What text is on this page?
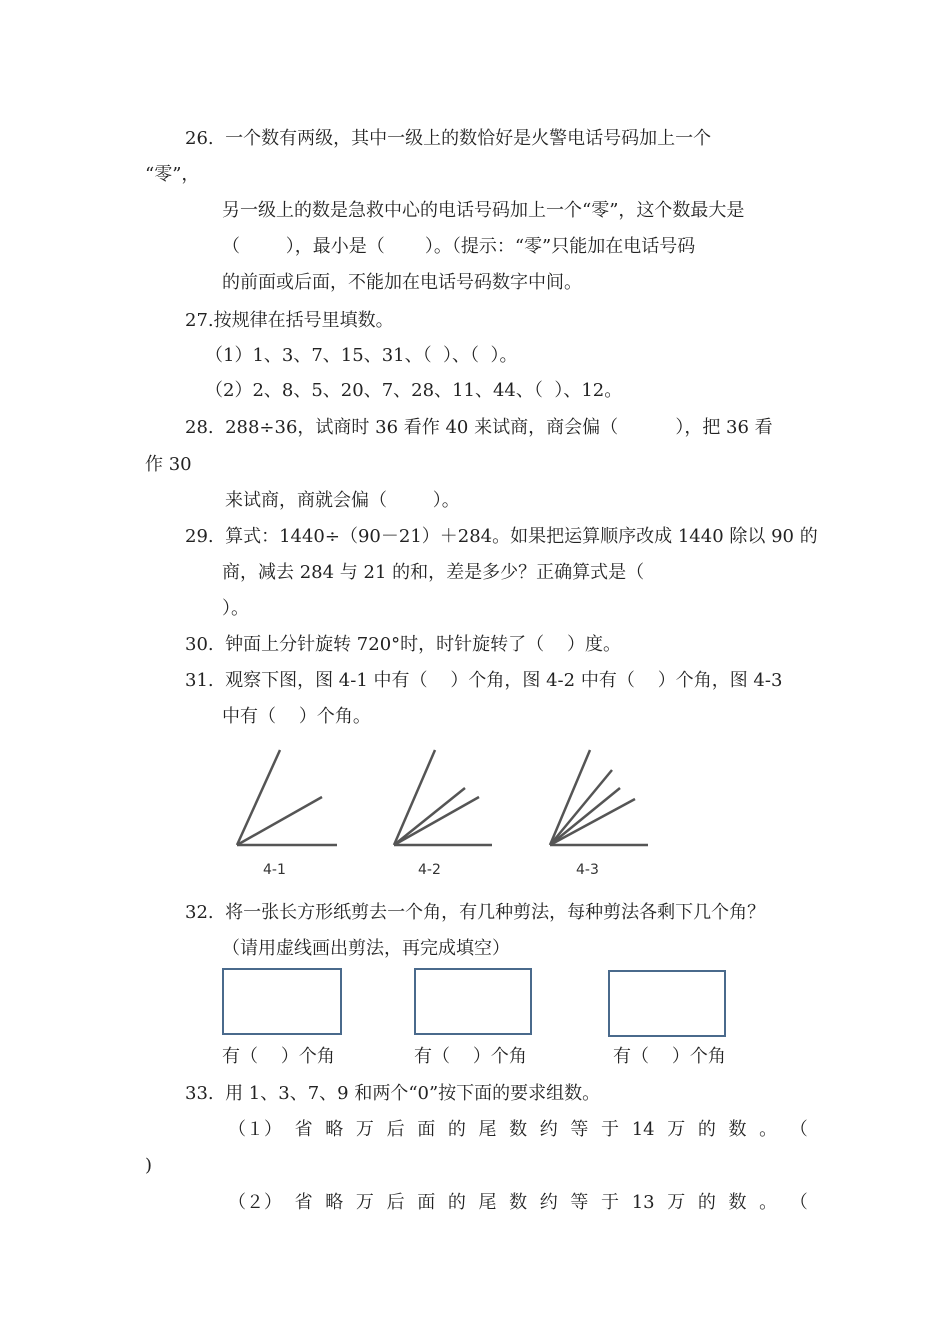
26.  一个数有两级，其中一级上的数恰好是火警电话号码加上一个
“零”，
另一级上的数是急救中心的电话号码加上一个“零”，这个数最大是
（        ），最小是（       ）。（提示：“零”只能加在电话号码
的前面或后面，不能加在电话号码数字中间。
27.按规律在括号里填数。
（1）1、3、7、15、31、（  ）、（  ）。
（2）2、8、5、20、7、28、11、44、（  ）、12。
28.  288÷36，试商时 36 看作 40 来试商，商会偏（          ），把 36 看
作 30
来试商，商就会偏（        ）。
29.  算式：1440÷（90－21）＋284。如果把运算顺序改成 1440 除以 90 的
商，减去 284 与 21 的和，差是多少？正确算式是（
）。
30.  钟面上分针旋转 720°时，时针旋转了（    ）度。
31.  观察下图，图 4-1 中有（    ）个角，图 4-2 中有（    ）个角，图 4-3
中有（    ）个角。
4-1	4-2	4-3
32.  将一张长方形纸剪去一个角，有几种剪法，每种剪法各剩下几个角？
（请用虚线画出剪法，再完成填空）
有（    ）个角	有（    ）个角	有（    ）个角
33.  用 1、3、7、9 和两个“0”按下面的要求组数。
（１） 省 略 万 后 面 的 尾 数 约 等 于 14 万 的 数 。 （
)
（２） 省 略 万 后 面 的 尾 数 约 等 于 13 万 的 数 。 （
